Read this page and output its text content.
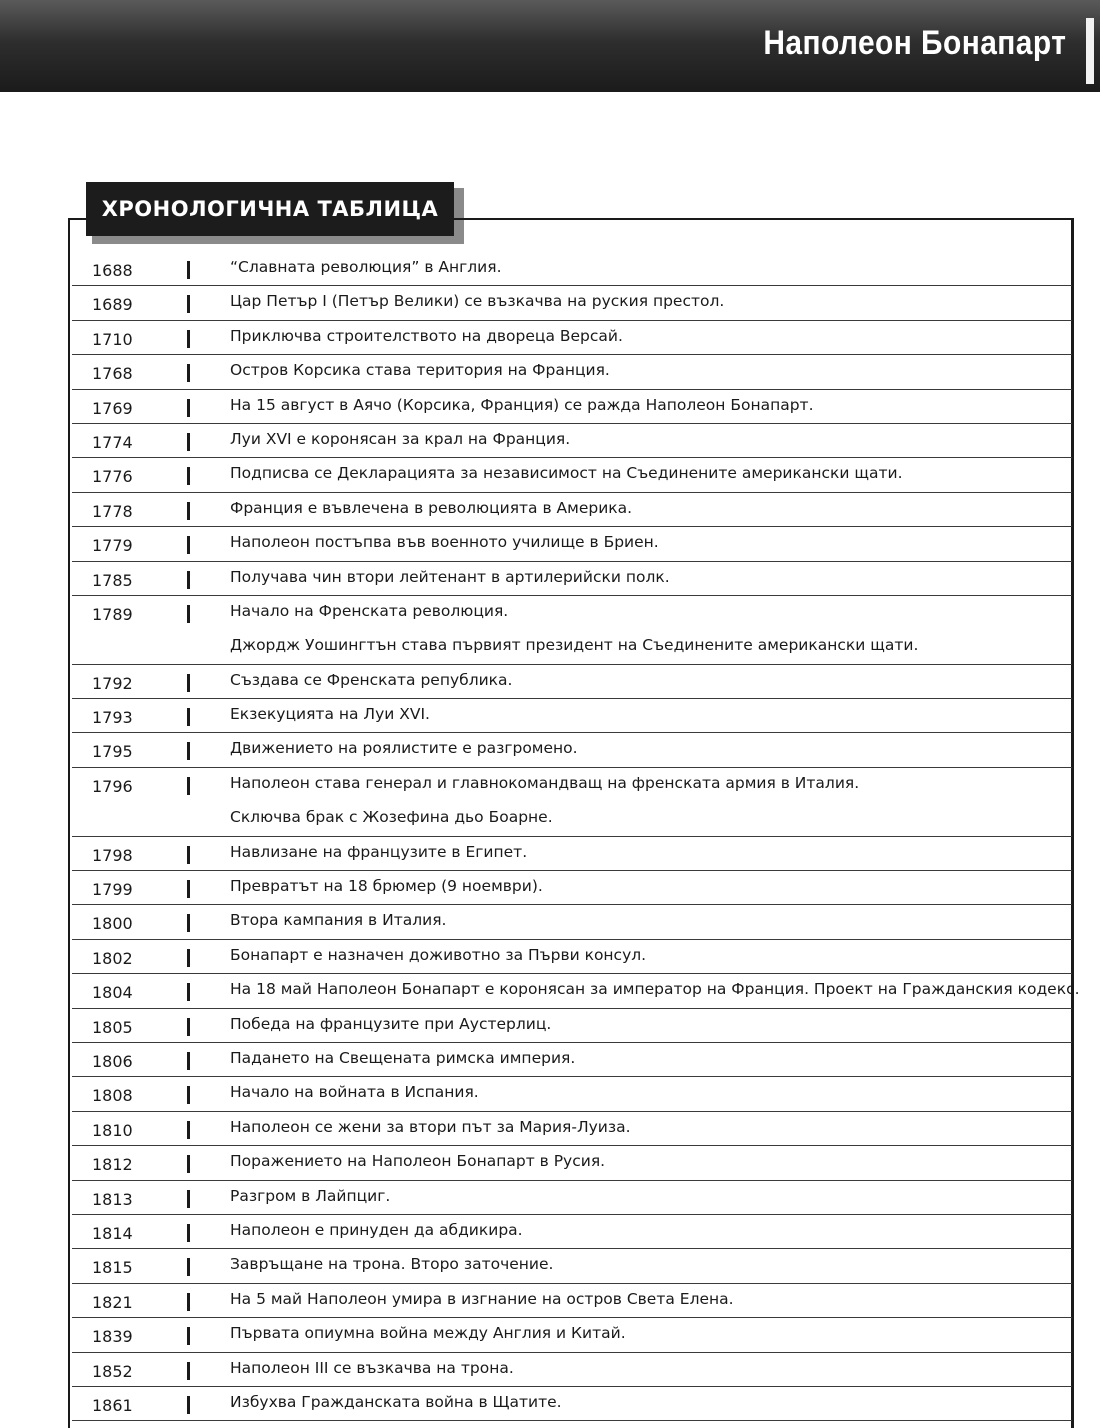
Наполеон Бонапарт
ХРОНОЛОГИЧНА ТАБЛИЦА
1688	“Славната революция” в Англия.
1689	Цар Петър I (Петър Велики) се възкачва на руския престол.
1710	Приключва строителството на двореца Версай.
1768	Остров Корсика става територия на Франция.
1769	На 15 август в Аячо (Корсика, Франция) се ражда Наполеон Бонапарт.
1774	Луи XVI е коронясан за крал на Франция.
1776	Подписва се Декларацията за независимост на Съединените американски щати.
1778	Франция е въвлечена в революцията в Америка.
1779	Наполеон постъпва във военното училище в Бриен.
1785	Получава чин втори лейтенант в артилерийски полк.
1789	Начало на Френската революция.
Джордж Уошингтън става първият президент на Съединените американски щати.
1792	Създава се Френската република.
1793	Екзекуцията на Луи XVI.
1795	Движението на роялистите е разгромено.
1796	Наполеон става генерал и главнокомандващ на френската армия в Италия.
Сключва брак с Жозефина дьо Боарне.
1798	Навлизане на французите в Египет.
1799	Превратът на 18 брюмер (9 ноември).
1800	Втора кампания в Италия.
1802	Бонапарт е назначен доживотно за Първи консул.
1804	На 18 май Наполеон Бонапарт е коронясан за император на Франция. Проект на Гражданския кодекс.
1805	Победа на французите при Аустерлиц.
1806	Падането на Свещената римска империя.
1808	Начало на войната в Испания.
1810	Наполеон се жени за втори път за Мария-Луиза.
1812	Поражението на Наполеон Бонапарт в Русия.
1813	Разгром в Лайпциг.
1814	Наполеон е принуден да абдикира.
1815	Завръщане на трона. Второ заточение.
1821	На 5 май Наполеон умира в изгнание на остров Света Елена.
1839	Първата опиумна война между Англия и Китай.
1852	Наполеон III се възкачва на трона.
1861	Избухва Гражданската война в Щатите.
